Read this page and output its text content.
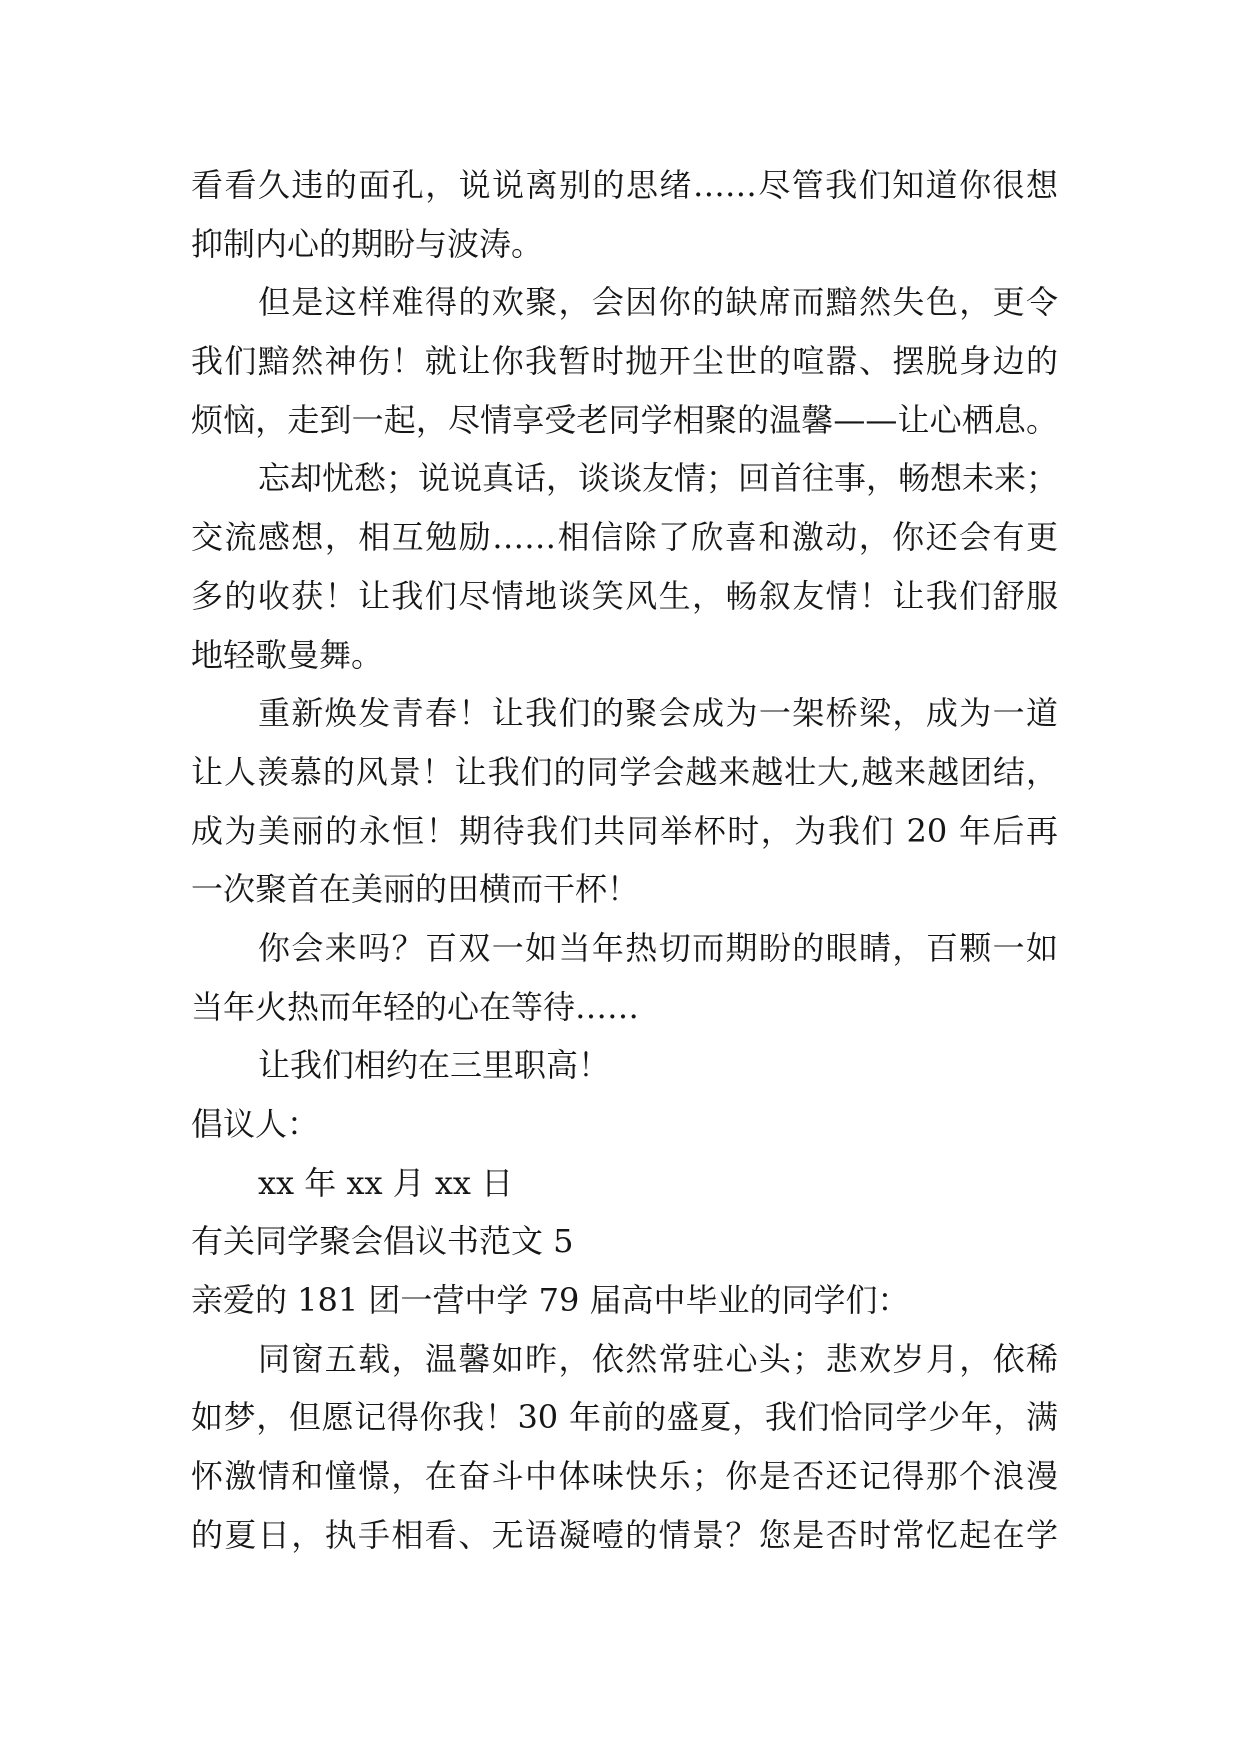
看看久违的面孔，说说离别的思绪……尽管我们知道你很想
抑制内心的期盼与波涛。
但是这样难得的欢聚，会因你的缺席而黯然失色，更令
我们黯然神伤！就让你我暂时抛开尘世的喧嚣、摆脱身边的
烦恼，走到一起，尽情享受老同学相聚的温馨——让心栖息。
忘却忧愁；说说真话，谈谈友情；回首往事，畅想未来；
交流感想，相互勉励……相信除了欣喜和激动，你还会有更
多的收获！让我们尽情地谈笑风生，畅叙友情！让我们舒服
地轻歌曼舞。
重新焕发青春！让我们的聚会成为一架桥梁，成为一道
让人羡慕的风景！让我们的同学会越来越壮大,越来越团结，
成为美丽的永恒！期待我们共同举杯时，为我们 20 年后再
一次聚首在美丽的田横而干杯！
你会来吗？百双一如当年热切而期盼的眼睛，百颗一如
当年火热而年轻的心在等待……
让我们相约在三里职高！
倡议人：
xx 年 xx 月 xx 日
有关同学聚会倡议书范文 5
亲爱的 181 团一营中学 79 届高中毕业的同学们：
同窗五载，温馨如昨，依然常驻心头；悲欢岁月，依稀
如梦，但愿记得你我！30 年前的盛夏，我们恰同学少年，满
怀激情和憧憬，在奋斗中体味快乐；你是否还记得那个浪漫
的夏日，执手相看、无语凝噎的情景？您是否时常忆起在学
